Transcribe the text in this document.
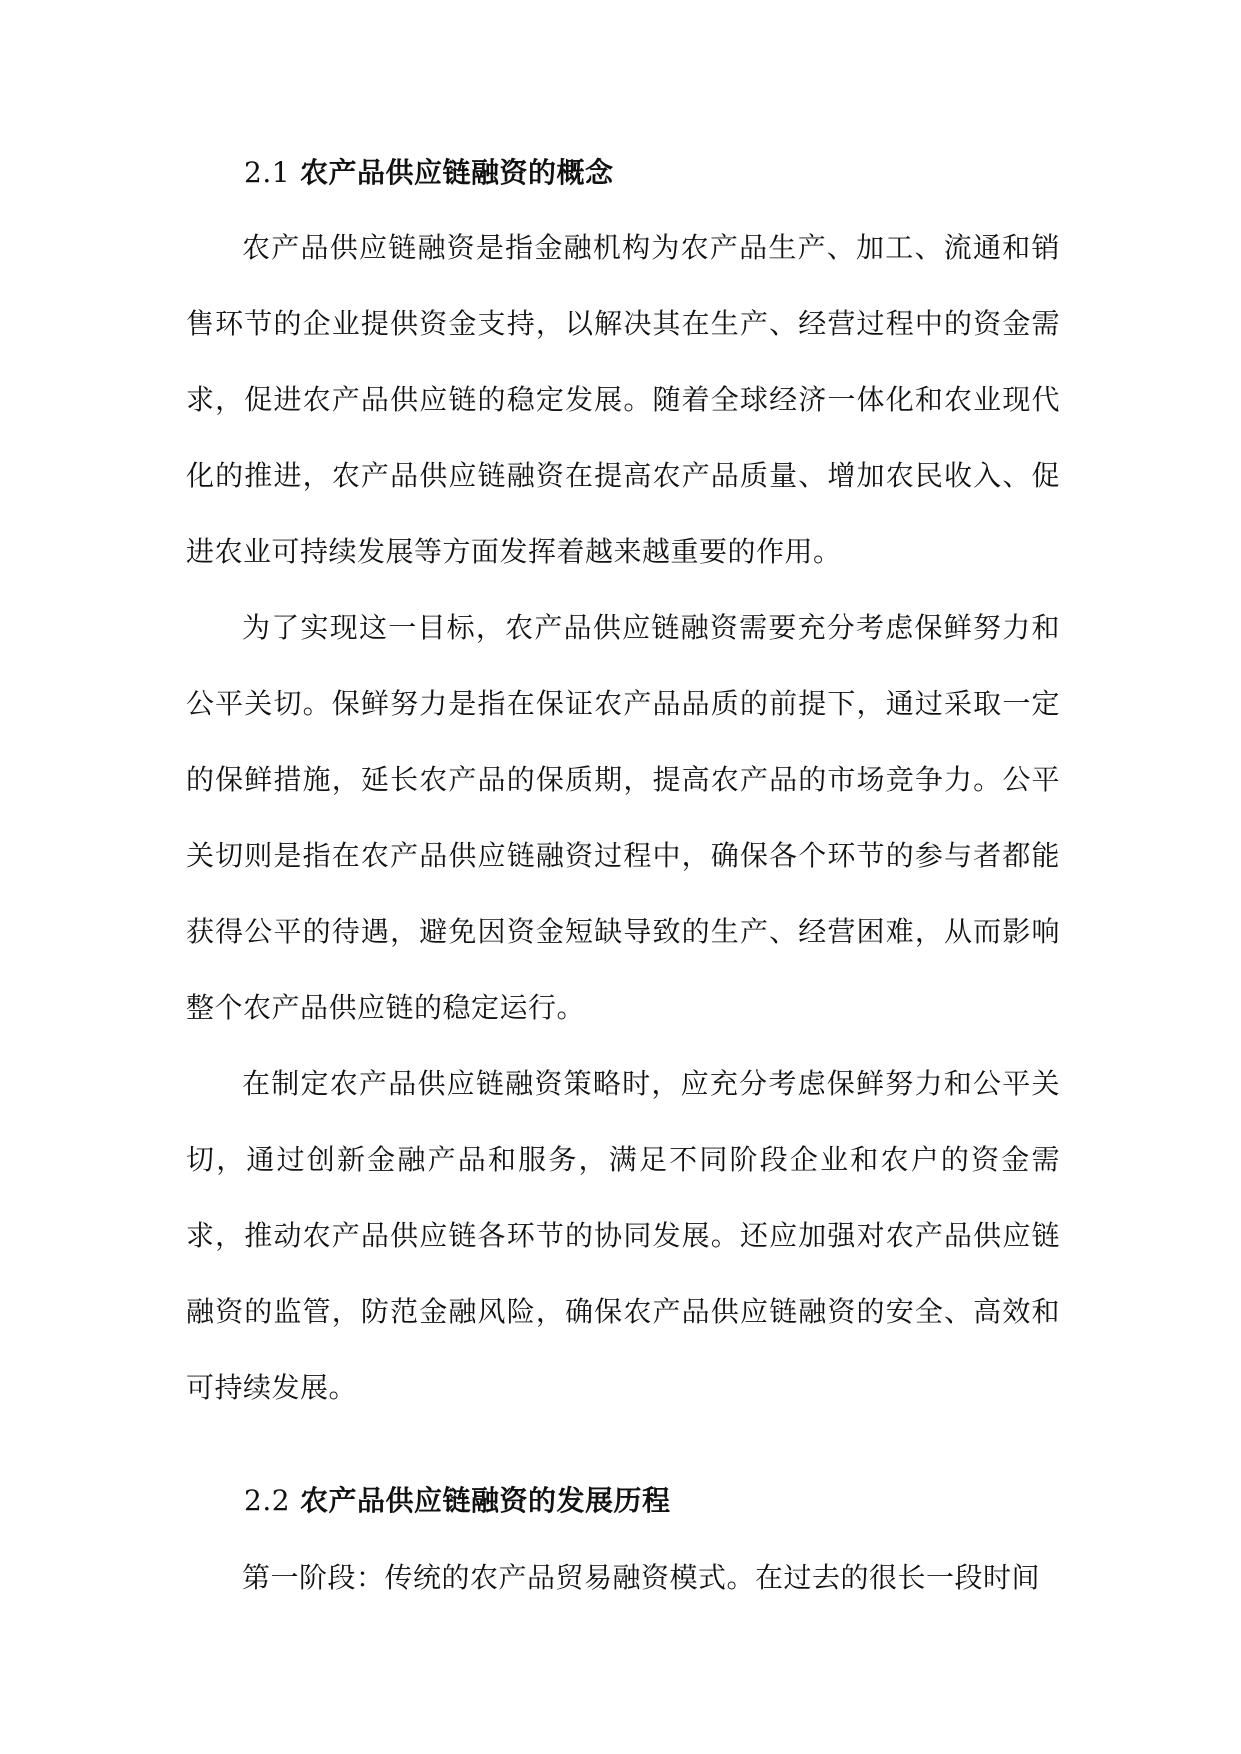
2.1 农产品供应链融资的概念

农产品供应链融资是指金融机构为农产品生产、加工、流通和销售环节的企业提供资金支持，以解决其在生产、经营过程中的资金需求，促进农产品供应链的稳定发展。随着全球经济一体化和农业现代化的推进，农产品供应链融资在提高农产品质量、增加农民收入、促进农业可持续发展等方面发挥着越来越重要的作用。

为了实现这一目标，农产品供应链融资需要充分考虑保鲜努力和公平关切。保鲜努力是指在保证农产品品质的前提下，通过采取一定的保鲜措施，延长农产品的保质期，提高农产品的市场竞争力。公平关切则是指在农产品供应链融资过程中，确保各个环节的参与者都能获得公平的待遇，避免因资金短缺导致的生产、经营困难，从而影响整个农产品供应链的稳定运行。

在制定农产品供应链融资策略时，应充分考虑保鲜努力和公平关切，通过创新金融产品和服务，满足不同阶段企业和农户的资金需求，推动农产品供应链各环节的协同发展。还应加强对农产品供应链融资的监管，防范金融风险，确保农产品供应链融资的安全、高效和可持续发展。

2.2 农产品供应链融资的发展历程

第一阶段：传统的农产品贸易融资模式。在过去的很长一段时间
